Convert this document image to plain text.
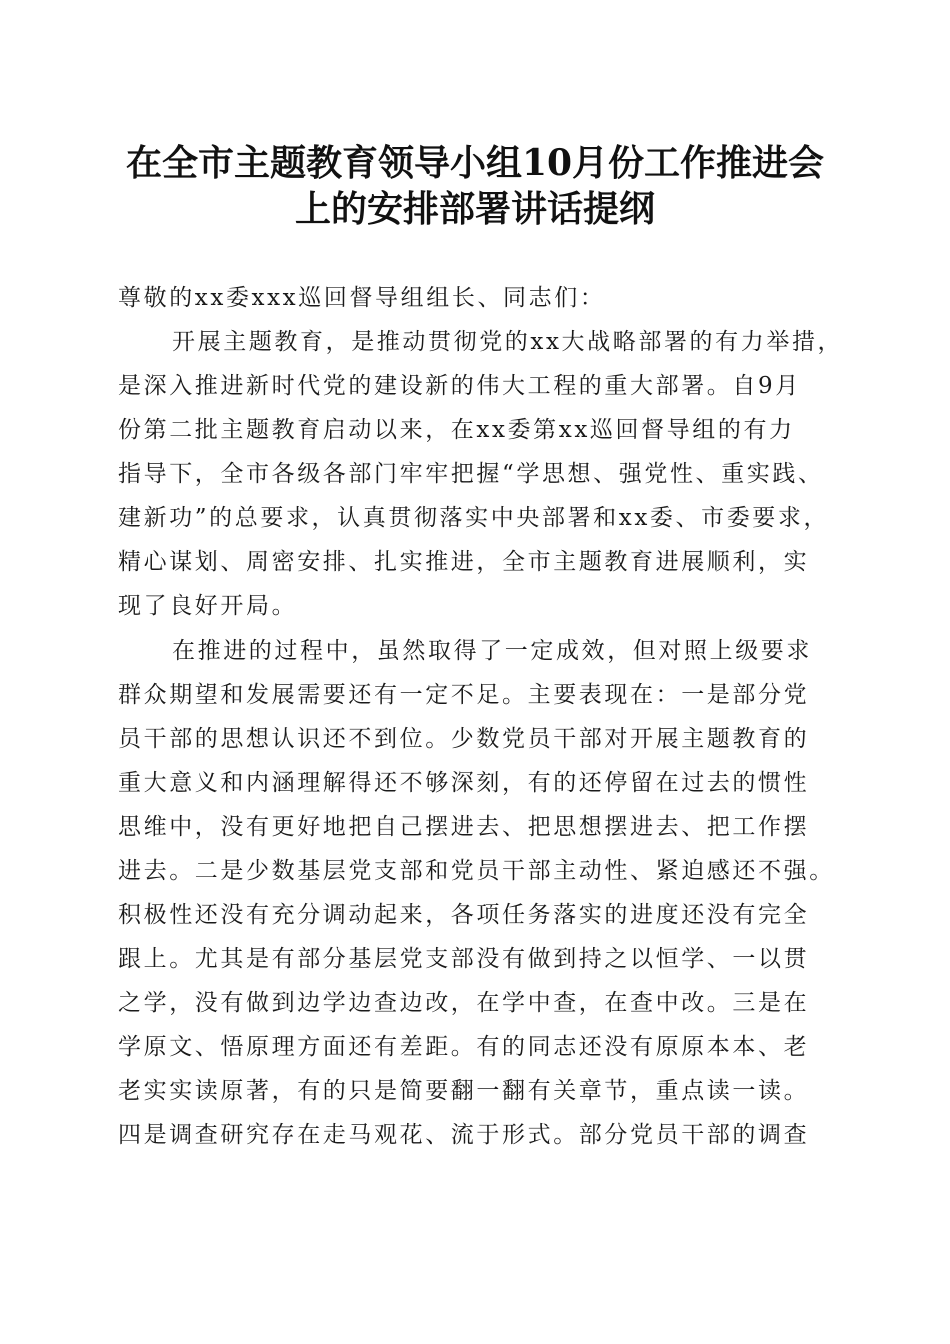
在全市主题教育领导小组10月份工作推进会
上的安排部署讲话提纲
尊敬的xx委xxx巡回督导组组长、同志们：
开展主题教育，是推动贯彻党的xx大战略部署的有力举措，
是深入推进新时代党的建设新的伟大工程的重大部署。自9月
份第二批主题教育启动以来，在xx委第xx巡回督导组的有力
指导下，全市各级各部门牢牢把握“学思想、强党性、重实践、
建新功”的总要求，认真贯彻落实中央部署和xx委、市委要求，
精心谋划、周密安排、扎实推进，全市主题教育进展顺利，实
现了良好开局。
在推进的过程中，虽然取得了一定成效，但对照上级要求
群众期望和发展需要还有一定不足。主要表现在：一是部分党
员干部的思想认识还不到位。少数党员干部对开展主题教育的
重大意义和内涵理解得还不够深刻，有的还停留在过去的惯性
思维中，没有更好地把自己摆进去、把思想摆进去、把工作摆
进去。二是少数基层党支部和党员干部主动性、紧迫感还不强。
积极性还没有充分调动起来，各项任务落实的进度还没有完全
跟上。尤其是有部分基层党支部没有做到持之以恒学、一以贯
之学，没有做到边学边查边改，在学中查，在查中改。三是在
学原文、悟原理方面还有差距。有的同志还没有原原本本、老
老实实读原著，有的只是简要翻一翻有关章节，重点读一读。
四是调查研究存在走马观花、流于形式。部分党员干部的调查
